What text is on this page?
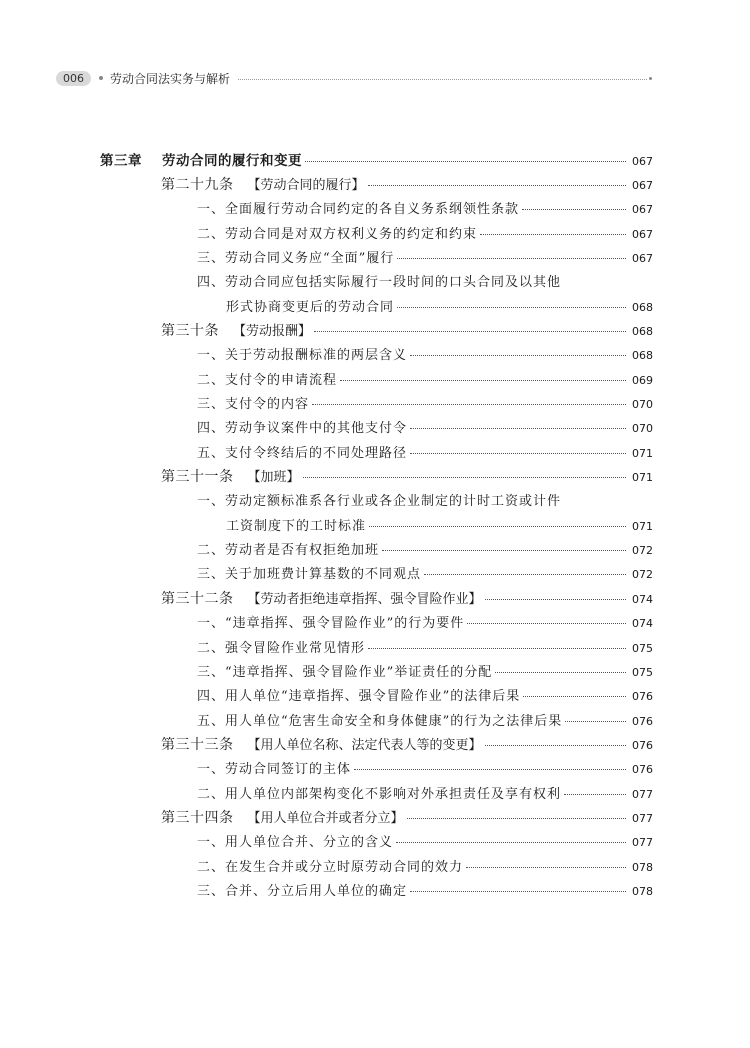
006	劳动合同法实务与解析
第三章 劳动合同的履行和变更	067
第二十九条 【劳动合同的履行】	067
一、全面履行劳动合同约定的各自义务系纲领性条款	067
二、劳动合同是对双方权利义务的约定和约束	067
三、劳动合同义务应“全面”履行	067
四、劳动合同应包括实际履行一段时间的口头合同及以其他
形式协商变更后的劳动合同	068
第三十条 【劳动报酬】	068
一、关于劳动报酬标准的两层含义	068
二、支付令的申请流程	069
三、支付令的内容	070
四、劳动争议案件中的其他支付令	070
五、支付令终结后的不同处理路径	071
第三十一条 【加班】	071
一、劳动定额标准系各行业或各企业制定的计时工资或计件
工资制度下的工时标准	071
二、劳动者是否有权拒绝加班	072
三、关于加班费计算基数的不同观点	072
第三十二条 【劳动者拒绝违章指挥、强令冒险作业】	074
一、“违章指挥、强令冒险作业”的行为要件	074
二、强令冒险作业常见情形	075
三、“违章指挥、强令冒险作业”举证责任的分配	075
四、用人单位“违章指挥、强令冒险作业”的法律后果	076
五、用人单位“危害生命安全和身体健康”的行为之法律后果	076
第三十三条 【用人单位名称、法定代表人等的变更】	076
一、劳动合同签订的主体	076
二、用人单位内部架构变化不影响对外承担责任及享有权利	077
第三十四条 【用人单位合并或者分立】	077
一、用人单位合并、分立的含义	077
二、在发生合并或分立时原劳动合同的效力	078
三、合并、分立后用人单位的确定	078
